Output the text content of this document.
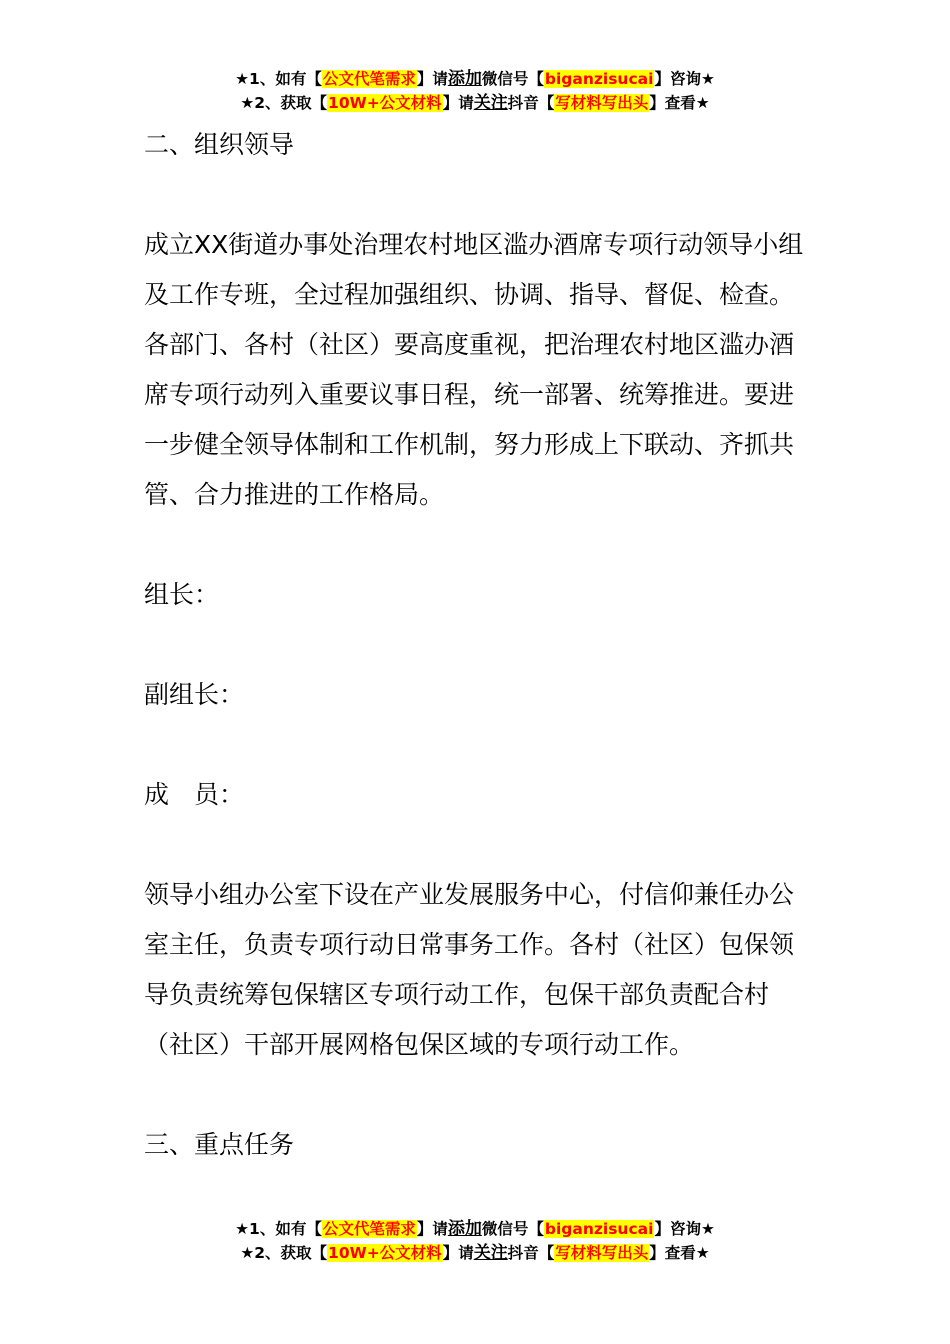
★1、如有【公文代笔需求】请添加微信号【biganzisucai】咨询★
★2、获取【10W+公文材料】请关注抖音【写材料写出头】查看★

二、组织领导

成立XX街道办事处治理农村地区滥办酒席专项行动领导小组及工作专班，全过程加强组织、协调、指导、督促、检查。各部门、各村（社区）要高度重视，把治理农村地区滥办酒席专项行动列入重要议事日程，统一部署、统筹推进。要进一步健全领导体制和工作机制，努力形成上下联动、齐抓共管、合力推进的工作格局。

组长：

副组长：

成　员：

领导小组办公室下设在产业发展服务中心，付信仰兼任办公室主任，负责专项行动日常事务工作。各村（社区）包保领导负责统筹包保辖区专项行动工作，包保干部负责配合村（社区）干部开展网格包保区域的专项行动工作。

三、重点任务

★1、如有【公文代笔需求】请添加微信号【biganzisucai】咨询★
★2、获取【10W+公文材料】请关注抖音【写材料写出头】查看★
